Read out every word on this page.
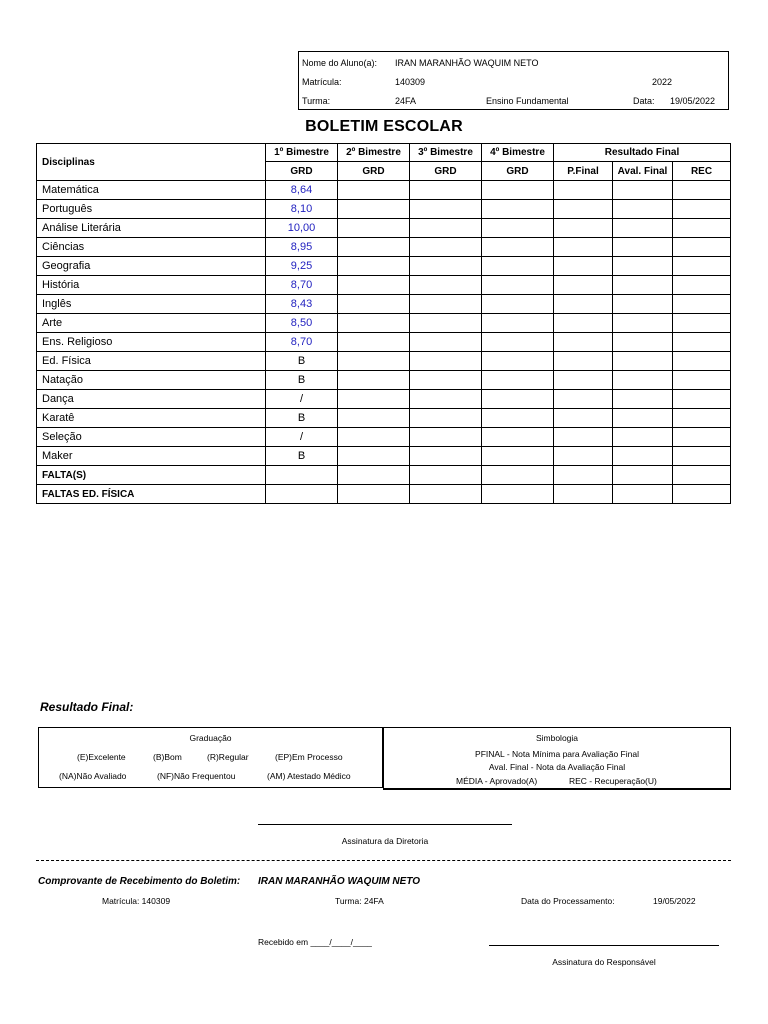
Nome do Aluno(a): IRAN MARANHÃO WAQUIM NETO
Matrícula:	140309	2022
Turma:	24FA	Ensino Fundamental	Data: 19/05/2022
BOLETIM ESCOLAR
Disciplinas	1º Bimestre	2º Bimestre	3º Bimestre	4º Bimestre	Resultado Final		
	GRD	GRD	GRD	GRD	P.Final	Aval. Final	REC
Matemática	8,64						
Português	8,10						
Análise Literária	10,00						
Ciências	8,95						
Geografia	9,25						
História	8,70						
Inglês	8,43						
Arte	8,50						
Ens. Religioso	8,70						
Ed. Física	B						
Natação	B						
Dança	/						
Karatê	B						
Seleção	/						
Maker	B						
FALTA(S)							
FALTAS ED. FÍSICA							
Resultado Final:
Graduação
(E)Excelente	(B)Bom	(R)Regular	(EP)Em Processo
(NA)Não Avaliado	(NF)Não Frequentou	(AM) Atestado Médico
Simbologia
PFINAL - Nota Mínima para Avaliação Final
Aval. Final - Nota da Avaliação Final
MÉDIA - Aprovado(A)	REC - Recuperação(U)
Assinatura da Diretoria
Comprovante de Recebimento do Boletim: IRAN MARANHÃO WAQUIM NETO
Matrícula: 140309	Turma: 24FA	Data do Processamento:	19/05/2022
Recebido em ____/____/____
Assinatura do Responsável
